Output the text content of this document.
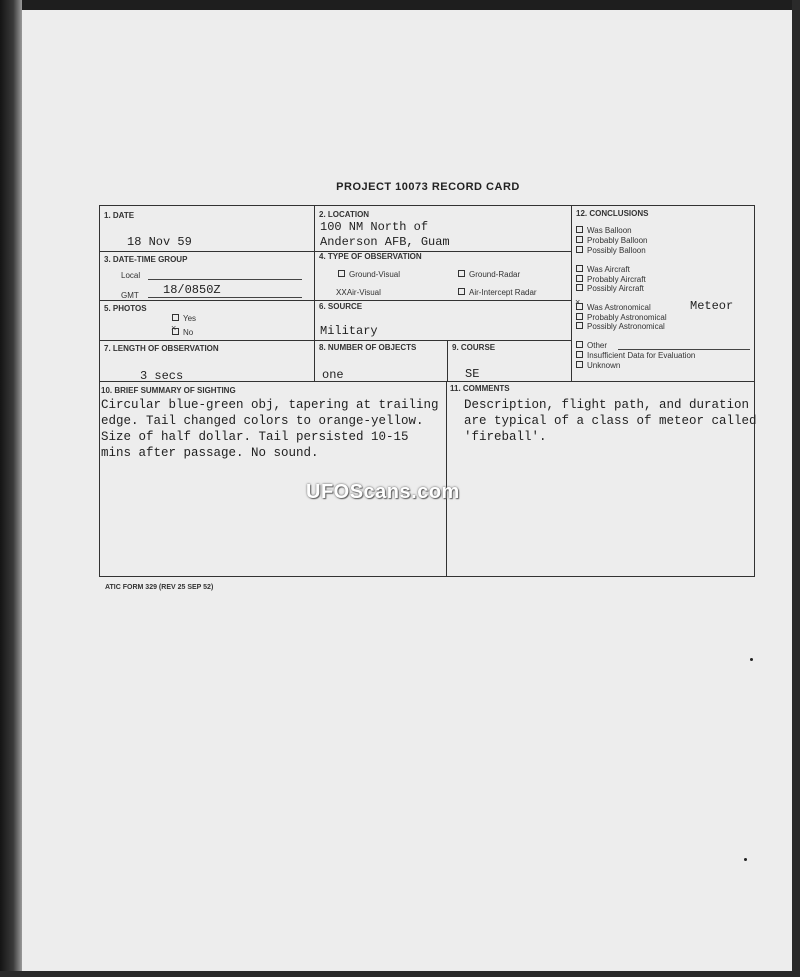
PROJECT 10073 RECORD CARD
1. DATE
18 Nov 59
2. LOCATION
100 NM North of
Anderson AFB, Guam
3. DATE-TIME GROUP
Local
GMT 18/0850Z
4. TYPE OF OBSERVATION
Ground-Visual	Ground-Radar
XXAir-Visual	Air-Intercept Radar
5. PHOTOS
Yes
×No
6. SOURCE
Military
7. LENGTH OF OBSERVATION
3 secs
8. NUMBER OF OBJECTS
one
9. COURSE
SE
12. CONCLUSIONS
Was Balloon
Probably Balloon
Possibly Balloon
Was Aircraft
Probably Aircraft
Possibly Aircraft
×Was Astronomical	Meteor
Probably Astronomical
Possibly Astronomical
Other
Insufficient Data for Evaluation
Unknown
10. BRIEF SUMMARY OF SIGHTING
Circular blue-green obj, tapering at trailing
edge. Tail changed colors to orange-yellow.
Size of half dollar. Tail persisted 10-15
mins after passage. No sound.
11. COMMENTS
Description, flight path, and duration
are typical of a class of meteor called
'fireball'.
ATIC FORM 329 (REV 25 SEP 52)
UFOScans.com
